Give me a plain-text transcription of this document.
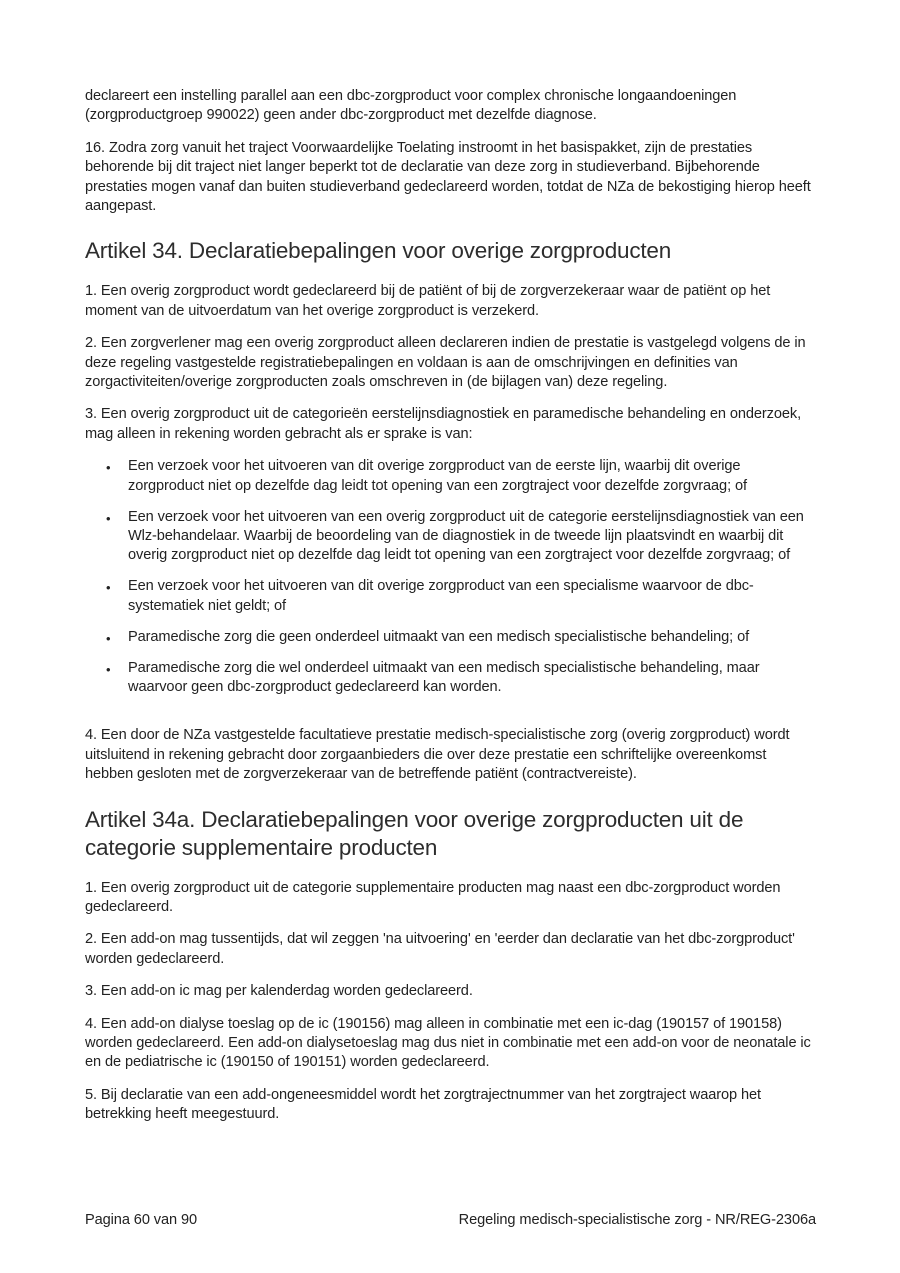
declareert een instelling parallel aan een dbc-zorgproduct voor complex chronische longaandoeningen (zorgproductgroep 990022) geen ander dbc-zorgproduct met dezelfde diagnose.

16. Zodra zorg vanuit het traject Voorwaardelijke Toelating instroomt in het basispakket, zijn de prestaties behorende bij dit traject niet langer beperkt tot de declaratie van deze zorg in studieverband. Bijbehorende prestaties mogen vanaf dan buiten studieverband gedeclareerd worden, totdat de NZa de bekostiging hierop heeft aangepast.

Artikel 34. Declaratiebepalingen voor overige zorgproducten

1. Een overig zorgproduct wordt gedeclareerd bij de patiënt of bij de zorgverzekeraar waar de patiënt op het moment van de uitvoerdatum van het overige zorgproduct is verzekerd.

2. Een zorgverlener mag een overig zorgproduct alleen declareren indien de prestatie is vastgelegd volgens de in deze regeling vastgestelde registratiebepalingen en voldaan is aan de omschrijvingen en definities van zorgactiviteiten/overige zorgproducten zoals omschreven in (de bijlagen van) deze regeling.

3. Een overig zorgproduct uit de categorieën eerstelijnsdiagnostiek en paramedische behandeling en onderzoek, mag alleen in rekening worden gebracht als er sprake is van:

• Een verzoek voor het uitvoeren van dit overige zorgproduct van de eerste lijn, waarbij dit overige zorgproduct niet op dezelfde dag leidt tot opening van een zorgtraject voor dezelfde zorgvraag; of
• Een verzoek voor het uitvoeren van een overig zorgproduct uit de categorie eerstelijnsdiagnostiek van een Wlz-behandelaar. Waarbij de beoordeling van de diagnostiek in de tweede lijn plaatsvindt en waarbij dit overig zorgproduct niet op dezelfde dag leidt tot opening van een zorgtraject voor dezelfde zorgvraag; of
• Een verzoek voor het uitvoeren van dit overige zorgproduct van een specialisme waarvoor de dbc-systematiek niet geldt; of
• Paramedische zorg die geen onderdeel uitmaakt van een medisch specialistische behandeling; of
• Paramedische zorg die wel onderdeel uitmaakt van een medisch specialistische behandeling, maar waarvoor geen dbc-zorgproduct gedeclareerd kan worden.

4. Een door de NZa vastgestelde facultatieve prestatie medisch-specialistische zorg (overig zorgproduct) wordt uitsluitend in rekening gebracht door zorgaanbieders die over deze prestatie een schriftelijke overeenkomst hebben gesloten met de zorgverzekeraar van de betreffende patiënt (contractvereiste).

Artikel 34a. Declaratiebepalingen voor overige zorgproducten uit de categorie supplementaire producten

1. Een overig zorgproduct uit de categorie supplementaire producten mag naast een dbc-zorgproduct worden gedeclareerd.

2. Een add-on mag tussentijds, dat wil zeggen 'na uitvoering' en 'eerder dan declaratie van het dbc-zorgproduct' worden gedeclareerd.

3. Een add-on ic mag per kalenderdag worden gedeclareerd.

4. Een add-on dialyse toeslag op de ic (190156) mag alleen in combinatie met een ic-dag (190157 of 190158) worden gedeclareerd. Een add-on dialysetoeslag mag dus niet in combinatie met een add-on voor de neonatale ic en de pediatrische ic (190150 of 190151) worden gedeclareerd.

5. Bij declaratie van een add-ongeneesmiddel wordt het zorgtrajectnummer van het zorgtraject waarop het betrekking heeft meegestuurd.

Pagina 60 van 90	Regeling medisch-specialistische zorg - NR/REG-2306a
